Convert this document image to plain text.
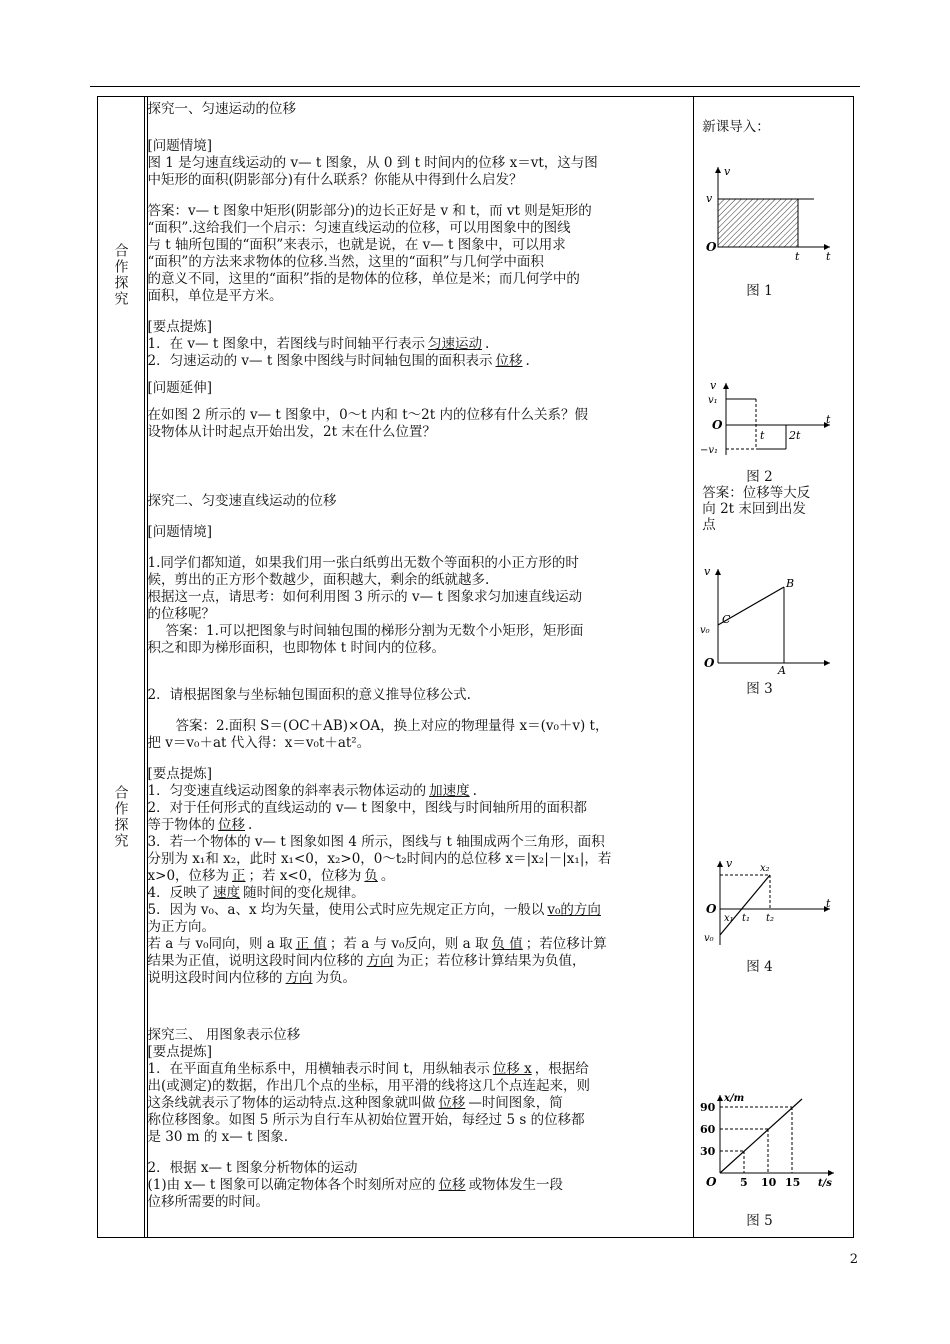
合作探究
合作探究

探究一、匀速运动的位移

[问题情境]

图 1 是匀速直线运动的 v— t 图象，从 0 到 t 时间内的位移 x＝vt，这与图

中矩形的面积(阴影部分)有什么联系？你能从中得到什么启发？

答案：v— t 图象中矩形(阴影部分)的边长正好是 v 和 t，而 vt 则是矩形的

“面积”.这给我们一个启示：匀速直线运动的位移，可以用图象中的图线

与 t 轴所包围的“面积”来表示，也就是说，在 v— t 图象中，可以用求

“面积”的方法来求物体的位移.当然，这里的“面积”与几何学中面积

的意义不同，这里的“面积”指的是物体的位移，单位是米；而几何学中的

面积，单位是平方米。

[要点提炼]

1．在 v— t 图象中，若图线与时间轴平行表示 匀速运动 .

2．匀速运动的 v— t 图象中图线与时间轴包围的面积表示 位移 .

[问题延伸]

在如图 2 所示的 v— t 图象中，0～t 内和 t～2t 内的位移有什么关系？假

设物体从计时起点开始出发，2t 末在什么位置？

探究二、匀变速直线运动的位移

[问题情境]

1.同学们都知道，如果我们用一张白纸剪出无数个等面积的小正方形的时

候，剪出的正方形个数越少，面积越大，剩余的纸就越多.

根据这一点，请思考：如何利用图 3 所示的 v— t 图象求匀加速直线运动

的位移呢？

答案：1.可以把图象与时间轴包围的梯形分割为无数个小矩形，矩形面

积之和即为梯形面积，也即物体 t 时间内的位移。

2．请根据图象与坐标轴包围面积的意义推导位移公式.

答案：2.面积 S＝(OC＋AB)×OA，换上对应的物理量得 x＝(v₀＋v) t，

把 v＝v₀＋at 代入得：x＝v₀t＋at²。

[要点提炼]

1．匀变速直线运动图象的斜率表示物体运动的 加速度 .

2．对于任何形式的直线运动的 v— t 图象中，图线与时间轴所用的面积都

等于物体的 位移 .

3．若一个物体的 v— t 图象如图 4 所示，图线与 t 轴围成两个三角形，面积

分别为 x₁和 x₂，此时 x₁<0，x₂>0，0～t₂时间内的总位移 x＝|x₂|－|x₁|，若

x>0，位移为 正 ；若 x<0，位移为 负 。

4．反映了 速度 随时间的变化规律。

5．因为 v₀、a、x 均为矢量，使用公式时应先规定正方向，一般以 v₀的方向

为正方向。

若 a 与 v₀同向，则 a 取 正 值 ；若 a 与 v₀反向，则 a 取 负 值 ；若位移计算

结果为正值，说明这段时间内位移的 方向 为正；若位移计算结果为负值，

说明这段时间内位移的 方向 为负。

探究三、 用图象表示位移

[要点提炼]

1．在平面直角坐标系中，用横轴表示时间 t，用纵轴表示 位移 x ，根据给

出(或测定)的数据，作出几个点的坐标，用平滑的线将这几个点连起来，则

这条线就表示了物体的运动特点.这种图象就叫做 位移 —时间图象，简

称位移图象。如图 5 所示为自行车从初始位置开始，每经过 5 s 的位移都

是 30 m 的 x— t 图象.

2．根据 x— t 图象分析物体的运动

(1)由 x— t 图象可以确定物体各个时刻所对应的 位移 或物体发生一段

位移所需要的时间。

新课导入：
v
v
O
t t
图 1
v
v₁
O
−v₁
t 2t
t
图 2
答案：位移等大反
向 2t 末回到出发
点
v
B
C
v₀
A
O
图 3
v	x₂
O
x₁ t₁ t₂
t
v₀
图 4
x/m
90
60
30
O 5 10 15 t/s
图 5
2
